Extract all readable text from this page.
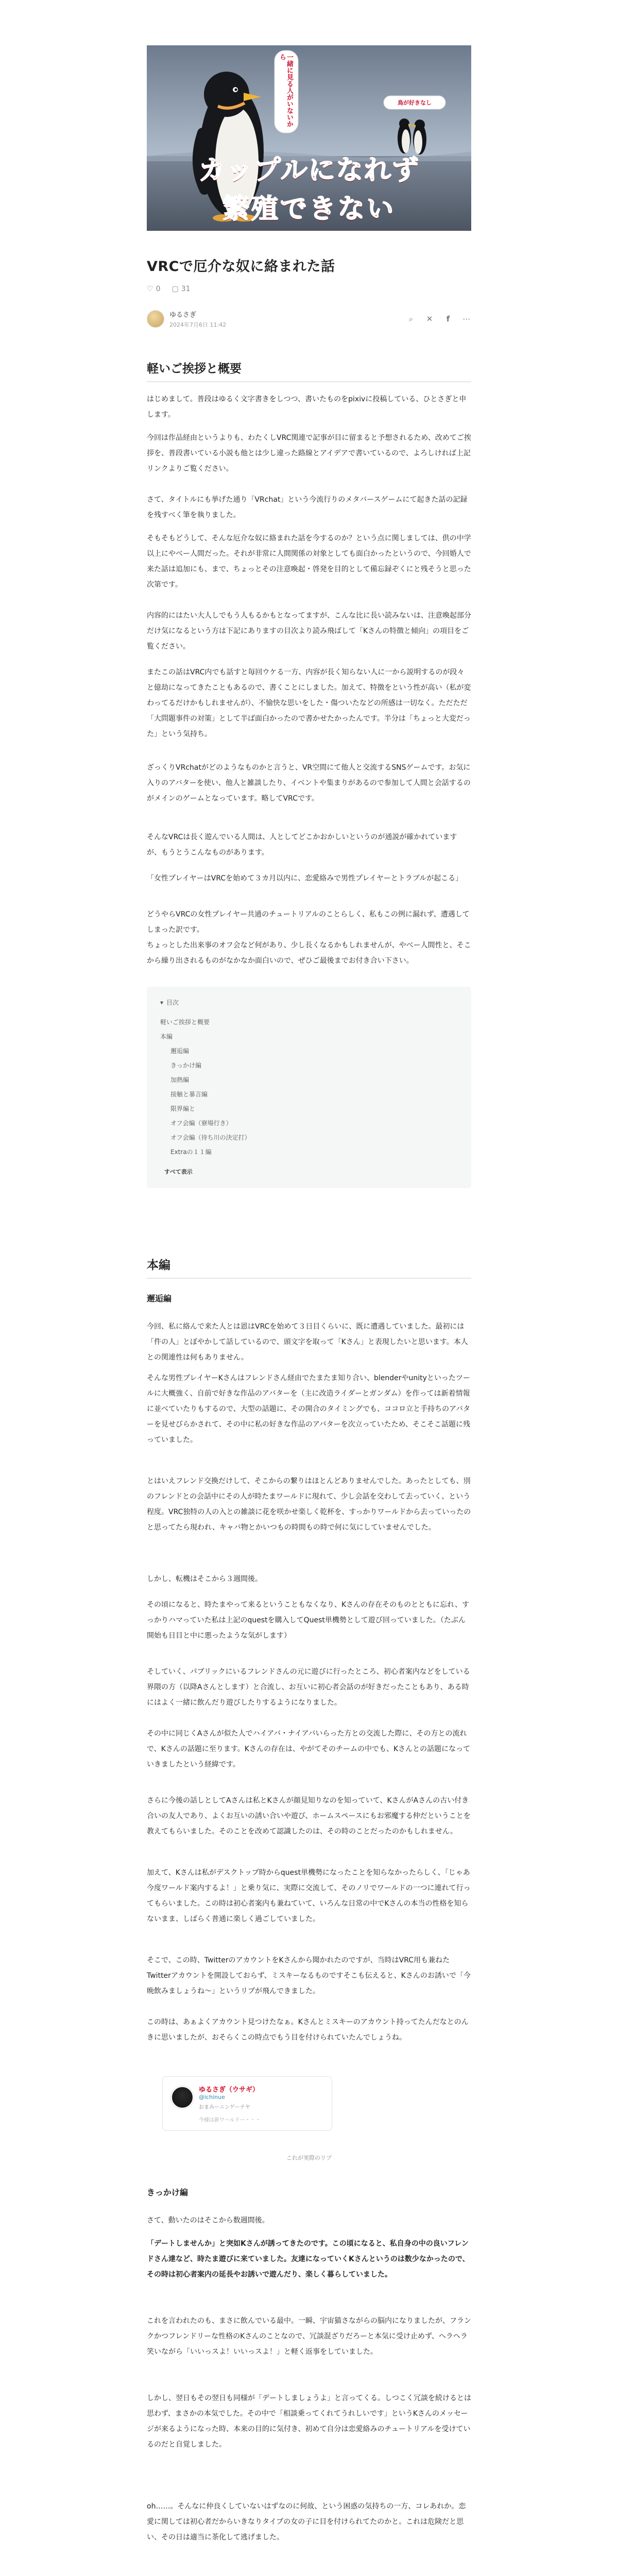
一緒に見る人がいないから
鳥が好きなし
カップルになれず
繁殖できない
VRCで厄介な奴に絡まれた話
♡ 0 ▢ 31
ゆるさぎ
2024年7月6日 11:42
⌕	✕	f	⋯
軽いご挨拶と概要
はじめまして。普段はゆるく文字書きをしつつ、書いたものをpixivに投稿している、ひとさぎと申します。
今回は作品経由というよりも、わたくしVRC関連で記事が目に留まると予想されるため、改めてご挨拶を、普段書いている小説も他とは少し違った路線とアイデアで書いているので、よろしければ上記リンクよりご覧ください。
さて、タイトルにも挙げた通り「VRchat」という今流行りのメタバースゲームにて起きた話の記録を残すべく筆を執りました。
そもそもどうして、そんな厄介な奴に絡まれた話を今するのか？という点に関しましては、供の中学以上にやべー人間だった。それが非常に人間関係の対象としても面白かったというので、今回婚人で来た話は追加にも、まで、ちょっとその注意喚起・啓発を目的として備忘録ぞくにと残そうと思った次第です。
内容的にはたい大人しでもう人もるかもとなってますが、こんな比に長い読みないは、注意喚起部分だけ気になるという方は下記にありますの目次より読み飛ばして「Kさんの特徴と傾向」の項目をご覧ください。
またこの話はVRC内でも話すと毎回ウケる一方、内容が長く知らない人に一から説明するのが段々と億劫になってきたこともあるので、書くことにしました。加えて、特徴をという性が高い（私が変わってるだけかもしれませんが）、不愉快な思いをした・傷ついたなどの所感は一切なく。ただただ「大問題事件の対策」として半ば面白かったので書かせたかったんです。半分は「ちょっと大変だった」という気持ち。
ざっくりVRchatがどのようなものかと言うと、VR空間にて他人と交流するSNSゲームです。お気に入りのアバターを使い、他人と雑談したり、イベントや集まりがあるので参加して人間と会話するのがメインのゲームとなっています。略してVRCです。
そんなVRCは長く遊んでいる人間は、人としてどこかおかしいというのが通説が確かれていますが、もうとうこんなものがあります。
「女性プレイヤーはVRCを始めて３カ月以内に、恋愛絡みで男性プレイヤーとトラブルが起こる」
どうやらVRCの女性プレイヤー共通のチュートリアルのことらしく、私もこの例に漏れず、遭遇してしまった訳です。
ちょっとした出来事のオフ会など何があり、少し長くなるかもしれませんが、やべー人間性と、そこから繰り出されるものがなかなか面白いので、ぜひご最後までお付き合い下さい。
▾ 目次
軽いご挨拶と概要
本編
邂逅編
きっかけ編
加熱編
接触と暴言編
限界編と
オフ会編（寮場行き）
オフ会編（待ち川の決定打）
Extraの１１編
すべて表示
本編
邂逅編
今回、私に絡んで来た人とは恩はVRCを始めて３日目くらいに、既に遭遇していました。最初には「件の人」とぼやかして話しているので、頭文字を取って「Kさん」と表現したいと思います。本人との関連性は何もありません。
そんな男性プレイヤーKさんはフレンドさん経由でたまたま知り合い、blenderやunityといったツールに大概強く、自前で好きな作品のアバターを（主に改造ライダーとガンダム）を作っては新着情報に並べていたりもするので、大型の話題に、その開合のタイミングでも、ココロ立と手持ちのアバターを見せびらかされて、その中に私の好きな作品のアバターを次立っていたため、そこそこ話題に残っていました。
とはいえフレンド交換だけして、そこからの繋りはほとんどありませんでした。あったとしても、別のフレンドとの会話中にその人が時たまワールドに現れて、少し会話を交わして去っていく、という程度。VRC独特の人の入との雑談に花を咲かせ楽しく乾杯を、すっかりワールドから去っていったのと思ってたら現われ、キャバ物とかいつもの時間もの時で何に気にしていませんでした。
しかし、転機はそこから３週間後。
その頃になると、時たまやって来るということもなくなり、Kさんの存在そのものとともに忘れ、すっかりハマっていた私は上記のquestを購入してQuest単機勢として遊び回っていました。（たぶん開始も日目と中に悪ったような気がします）
そしていく、パブリックにいるフレンドさんの元に遊びに行ったところ、初心者案内などをしている界隈の方（以降Aさんとします）と合流し、お互いに初心者会話のが好きだったこともあり、ある時にはよく一緒に飲んだり遊びしたりするようになりました。
その中に同じくAさんが似た人でハイアバ・ナイアバいらった方との交流した際に、その方との流れで、Kさんの話題に至ります。Kさんの存在は、やがてそのチームの中でも、Kさんとの話題になっていきましたという経緯です。
さらに今後の話しとしてAさんは私とKさんが顔見知りなのを知っていて、KさんがAさんの古い付き合いの友人であり、よくお互いの誘い合いや遊び、ホームスペースにもお邪魔する仲だということを教えてもらいました。そのことを改めて認識したのは、その時のことだったのかもしれません。
加えて、Kさんは私がデスクトップ時からquest単機勢になったことを知らなかったらしく、「じゃあ今度ワールド案内するよ！」と乗り気に、実際に交流して、そのノリでワールドの一つに連れて行ってもらいました。この時は初心者案内も兼ねていて、いろんな日常の中でKさんの本当の性格を知らないまま、しばらく普通に楽しく過ごしていました。
そこで、この時、TwitterのアカウントをKさんから聞かれたのですが、当時はVRC用も兼ねたTwitterアカウントを開設しておらず、ミスキーなるものですそこも伝えると、Kさんのお誘いで「今晩飲みましょうね〜」というリプが飛んできました。
この時は、あぁよくアカウント見つけたなぁ。Kさんとミスキーのアカウント持ってたんだなとのんきに思いましたが、おそらくこの時点でもう目を付けられていたんでしょうね。
ゆるさぎ（ウサギ）
@ichinue
おまみーニンゲーテヤ
今様は新ワールドー・・・
これが実際のリプ
きっかけ編
さて、動いたのはそこから数週間後。
「デートしませんか」と突如Kさんが誘ってきたのです。この頃になると、私自身の中の良いフレンドさん達など、時たま遊びに来ていました。友達になっていくKさんというのは数少なかったので、その時は初心者案内の延長やお誘いで遊んだり、楽しく暮らしていました。
これを言われたのも、まさに飲んでいる最中。一瞬、宇宙猫さながらの脳内になりましたが、フランクかつフレンドリーな性格のKさんのことなので、冗談混ざりだろーと本気に受け止めず、ヘラヘラ笑いながら「いいっスよ！いいっスよ！」と軽く返事をしていました。
しかし、翌日もその翌日も同様が「デートしましょうよ」と言ってくる。しつこく冗談を続けるとは思わず、まさかの本気でした。その中で「相談乗ってくれてうれしいです」というKさんのメッセージが来るようになった時、本来の目的に気付き、初めて自分は恋愛絡みのチュートリアルを受けているのだと自覚しました。
oh……。そんなに仲良くしていないはずなのに何故、という困惑の気持ちの一方、コレあれか。恋愛に関しては初心者だからいきなりタイプの女の子に目を付けられてたのかと。これは危険だと思い、その日は適当に茶化して逃げました。
